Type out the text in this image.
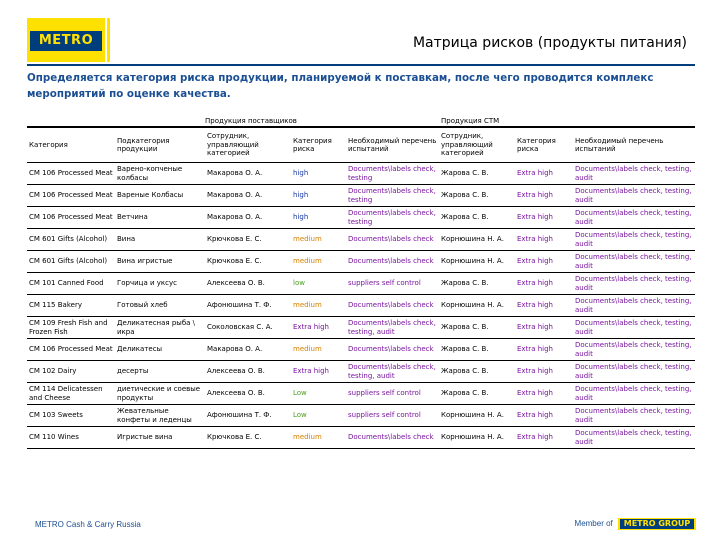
METRO	Матрица рисков (продукты питания)
Определяется категория риска продукции, планируемой к поставкам, после чего проводится комплекс мероприятий по оценке качества.
Продукция поставщиков	Продукция СТМ
Категория	Подкатегория продукции	Сотрудник, управляющий категорией	Категория риска	Необходимый перечень испытаний	Сотрудник, управляющий категорией	Категория риска	Необходимый перечень испытаний
CM 106 Processed Meat	Варено-копченые колбасы	Макарова О. А.	high	Documents\labels check, testing	Жарова С. В.	Extra high	Documents\labels check, testing, audit
CM 106 Processed Meat	Вареные Колбасы	Макарова О. А.	high	Documents\labels check, testing	Жарова С. В.	Extra high	Documents\labels check, testing, audit
CM 106 Processed Meat	Ветчина	Макарова О. А.	high	Documents\labels check, testing	Жарова С. В.	Extra high	Documents\labels check, testing, audit
CM 601 Gifts (Alcohol)	Вина	Крючкова Е. С.	medium	Documents\labels check	Корнюшина Н. А.	Extra high	Documents\labels check, testing, audit
CM 601 Gifts (Alcohol)	Вина игристые	Крючкова Е. С.	medium	Documents\labels check	Корнюшина Н. А.	Extra high	Documents\labels check, testing, audit
CM 101 Canned Food	Горчица и уксус	Алексеева О. В.	low	suppliers self control	Жарова С. В.	Extra high	Documents\labels check, testing, audit
CM 115 Bakery	Готовый хлеб	Афонюшина Т. Ф.	medium	Documents\labels check	Корнюшина Н. А.	Extra high	Documents\labels check, testing, audit
CM 109 Fresh Fish and Frozen Fish	Деликатесная рыба \ икра	Соколовская С. А.	Extra high	Documents\labels check, testing, audit	Жарова С. В.	Extra high	Documents\labels check, testing, audit
CM 106 Processed Meat	Деликатесы	Макарова О. А.	medium	Documents\labels check	Жарова С. В.	Extra high	Documents\labels check, testing, audit
CM 102 Dairy	десерты	Алексеева О. В.	Extra high	Documents\labels check, testing, audit	Жарова С. В.	Extra high	Documents\labels check, testing, audit
CM 114 Delicatessen and Cheese	диетические и соевые продукты	Алексеева О. В.	Low	suppliers self control	Жарова С. В.	Extra high	Documents\labels check, testing, audit
CM 103 Sweets	Жевательные конфеты и леденцы	Афонюшина Т. Ф.	Low	suppliers self control	Корнюшина Н. А.	Extra high	Documents\labels check, testing, audit
CM 110 Wines	Игристые вина	Крючкова Е. С.	medium	Documents\labels check	Корнюшина Н. А.	Extra high	Documents\labels check, testing, audit
METRO Cash & Carry Russia	Member of	METRO GROUP
